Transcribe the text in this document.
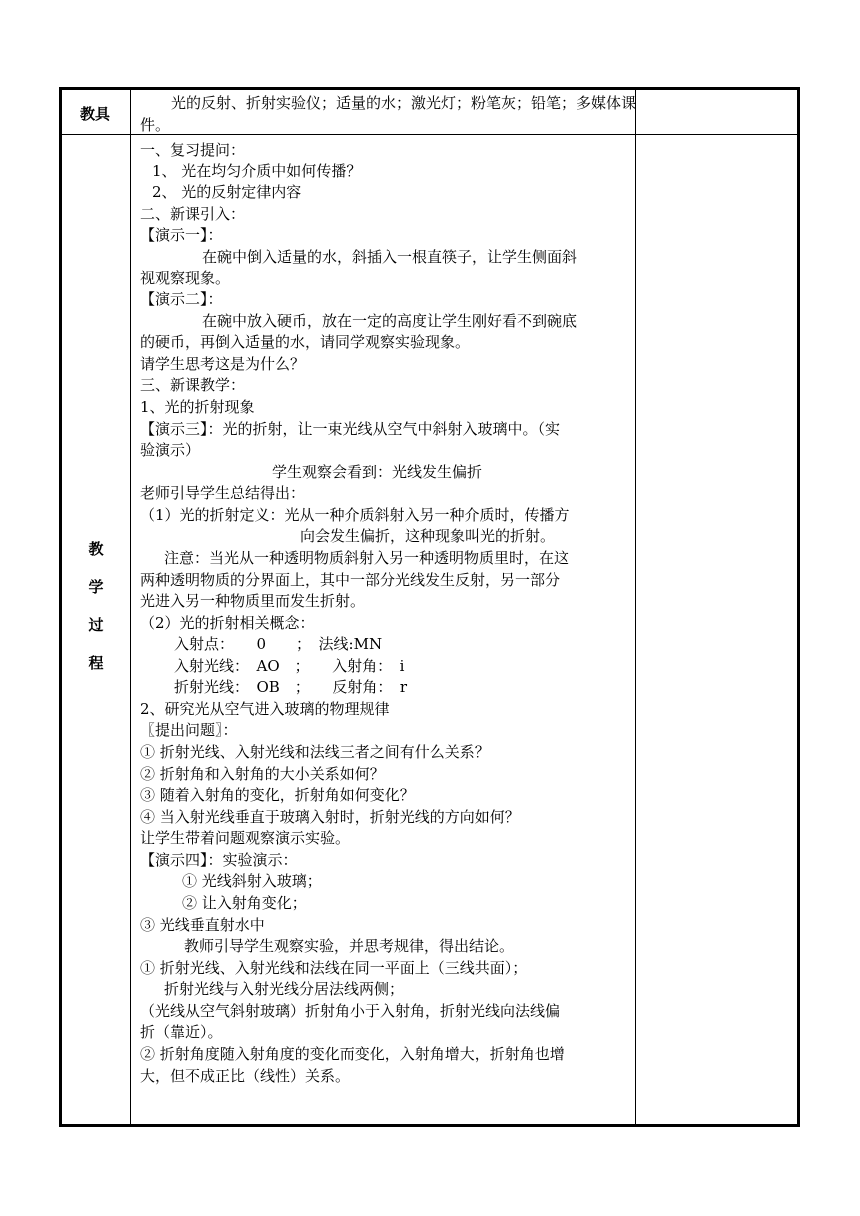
教具
光的反射、折射实验仪；适量的水；激光灯；粉笔灰；铅笔；多媒体课件。
教
学
过
程
一、复习提问：
1、 光在均匀介质中如何传播？
2、 光的反射定律内容
二、新课引入：
【演示一】：
在碗中倒入适量的水，斜插入一根直筷子，让学生侧面斜
视观察现象。
【演示二】：
在碗中放入硬币，放在一定的高度让学生刚好看不到碗底
的硬币，再倒入适量的水，请同学观察实验现象。
请学生思考这是为什么？
三、新课教学：
1、光的折射现象
【演示三】：光的折射，让一束光线从空气中斜射入玻璃中。（实
验演示）
学生观察会看到：光线发生偏折
老师引导学生总结得出：
（1）光的折射定义：光从一种介质斜射入另一种介质时，传播方
向会发生偏折，这种现象叫光的折射。
注意：当光从一种透明物质斜射入另一种透明物质里时，在这
两种透明物质的分界面上，其中一部分光线发生反射，另一部分
光进入另一种物质里而发生折射。
（2）光的折射相关概念：
入射点：　　0　　；　法线:MN
入射光线：　AO　；　　入射角：　i
折射光线：　OB　；　　反射角：　r
2、研究光从空气进入玻璃的物理规律
〖提出问题〗：
① 折射光线、入射光线和法线三者之间有什么关系？
② 折射角和入射角的大小关系如何？
③ 随着入射角的变化，折射角如何变化？
④ 当入射光线垂直于玻璃入射时，折射光线的方向如何？
让学生带着问题观察演示实验。
【演示四】：实验演示：
① 光线斜射入玻璃；
② 让入射角变化；
③ 光线垂直射水中
教师引导学生观察实验，并思考规律，得出结论。
① 折射光线、入射光线和法线在同一平面上（三线共面）；
折射光线与入射光线分居法线两侧；
（光线从空气斜射玻璃）折射角小于入射角，折射光线向法线偏
折（靠近）。
② 折射角度随入射角度的变化而变化，入射角增大，折射角也增
大，但不成正比（线性）关系。
